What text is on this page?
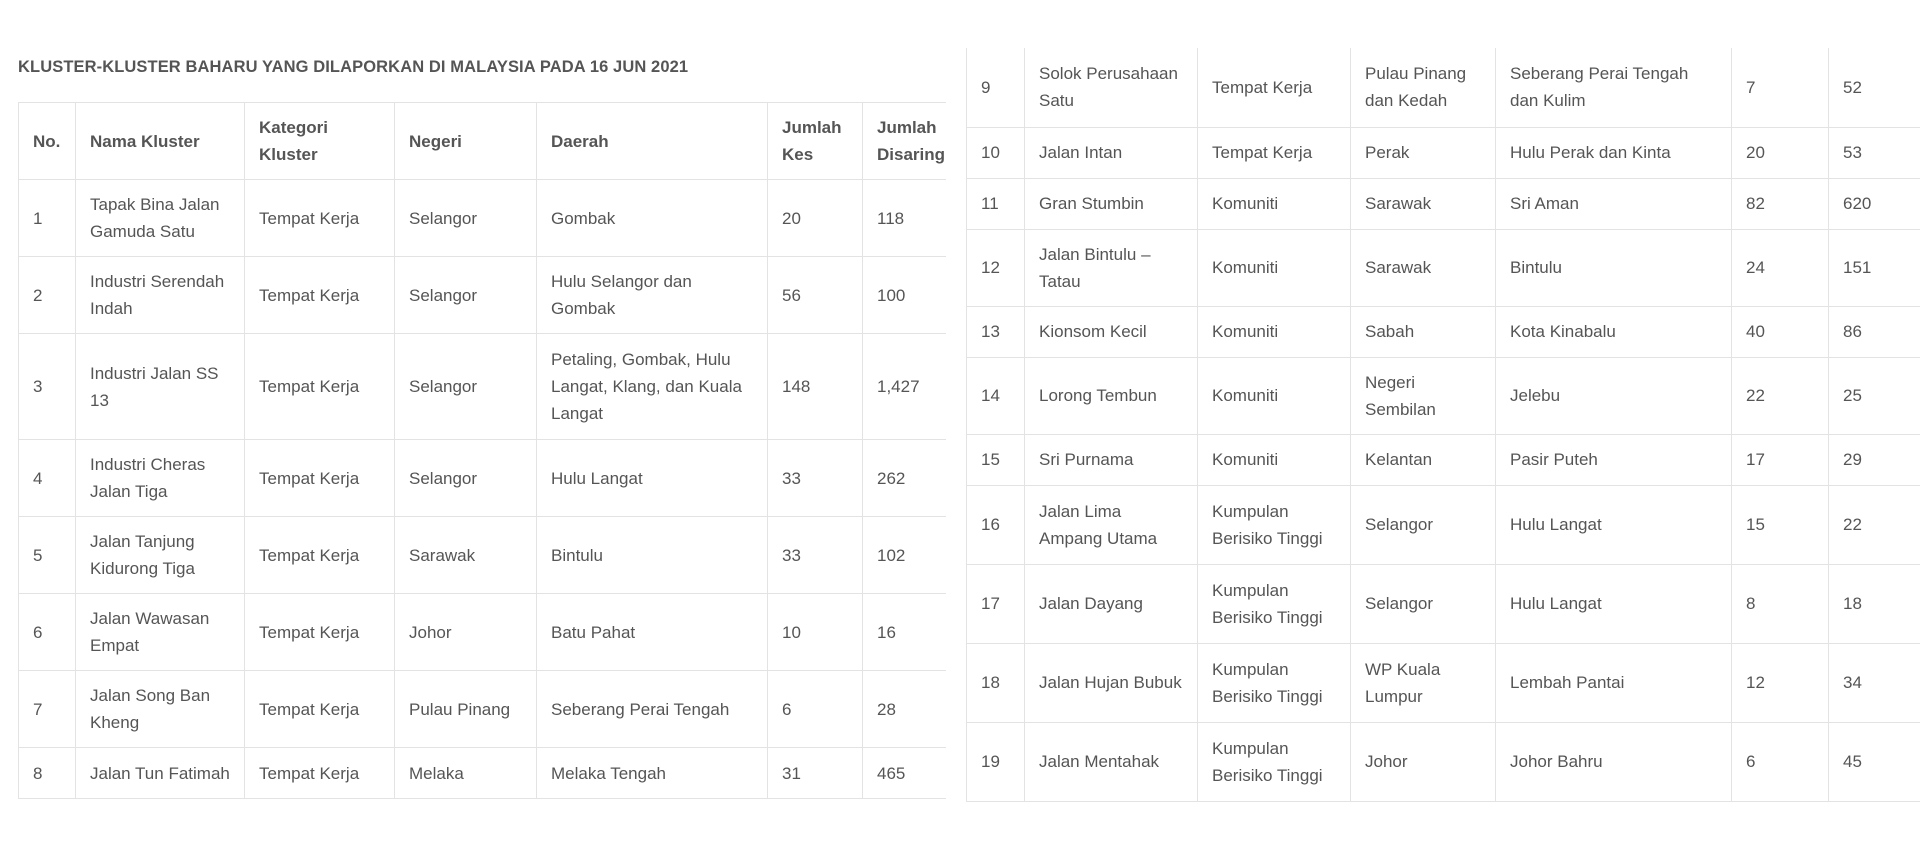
KLUSTER-KLUSTER BAHARU YANG DILAPORKAN DI MALAYSIA PADA 16 JUN 2021
No.	Nama Kluster	Kategori Kluster	Negeri	Daerah	Jumlah Kes	Jumlah Disaring
1	Tapak Bina Jalan Gamuda Satu	Tempat Kerja	Selangor	Gombak	20	118
2	Industri Serendah Indah	Tempat Kerja	Selangor	Hulu Selangor dan Gombak	56	100
3	Industri Jalan SS 13	Tempat Kerja	Selangor	Petaling, Gombak, Hulu Langat, Klang, dan Kuala Langat	148	1,427
4	Industri Cheras Jalan Tiga	Tempat Kerja	Selangor	Hulu Langat	33	262
5	Jalan Tanjung Kidurong Tiga	Tempat Kerja	Sarawak	Bintulu	33	102
6	Jalan Wawasan Empat	Tempat Kerja	Johor	Batu Pahat	10	16
7	Jalan Song Ban Kheng	Tempat Kerja	Pulau Pinang	Seberang Perai Tengah	6	28
8	Jalan Tun Fatimah	Tempat Kerja	Melaka	Melaka Tengah	31	465
9	Solok Perusahaan Satu	Tempat Kerja	Pulau Pinang dan Kedah	Seberang Perai Tengah dan Kulim	7	52
10	Jalan Intan	Tempat Kerja	Perak	Hulu Perak dan Kinta	20	53
11	Gran Stumbin	Komuniti	Sarawak	Sri Aman	82	620
12	Jalan Bintulu – Tatau	Komuniti	Sarawak	Bintulu	24	151
13	Kionsom Kecil	Komuniti	Sabah	Kota Kinabalu	40	86
14	Lorong Tembun	Komuniti	Negeri Sembilan	Jelebu	22	25
15	Sri Purnama	Komuniti	Kelantan	Pasir Puteh	17	29
16	Jalan Lima Ampang Utama	Kumpulan Berisiko Tinggi	Selangor	Hulu Langat	15	22
17	Jalan Dayang	Kumpulan Berisiko Tinggi	Selangor	Hulu Langat	8	18
18	Jalan Hujan Bubuk	Kumpulan Berisiko Tinggi	WP Kuala Lumpur	Lembah Pantai	12	34
19	Jalan Mentahak	Kumpulan Berisiko Tinggi	Johor	Johor Bahru	6	45
